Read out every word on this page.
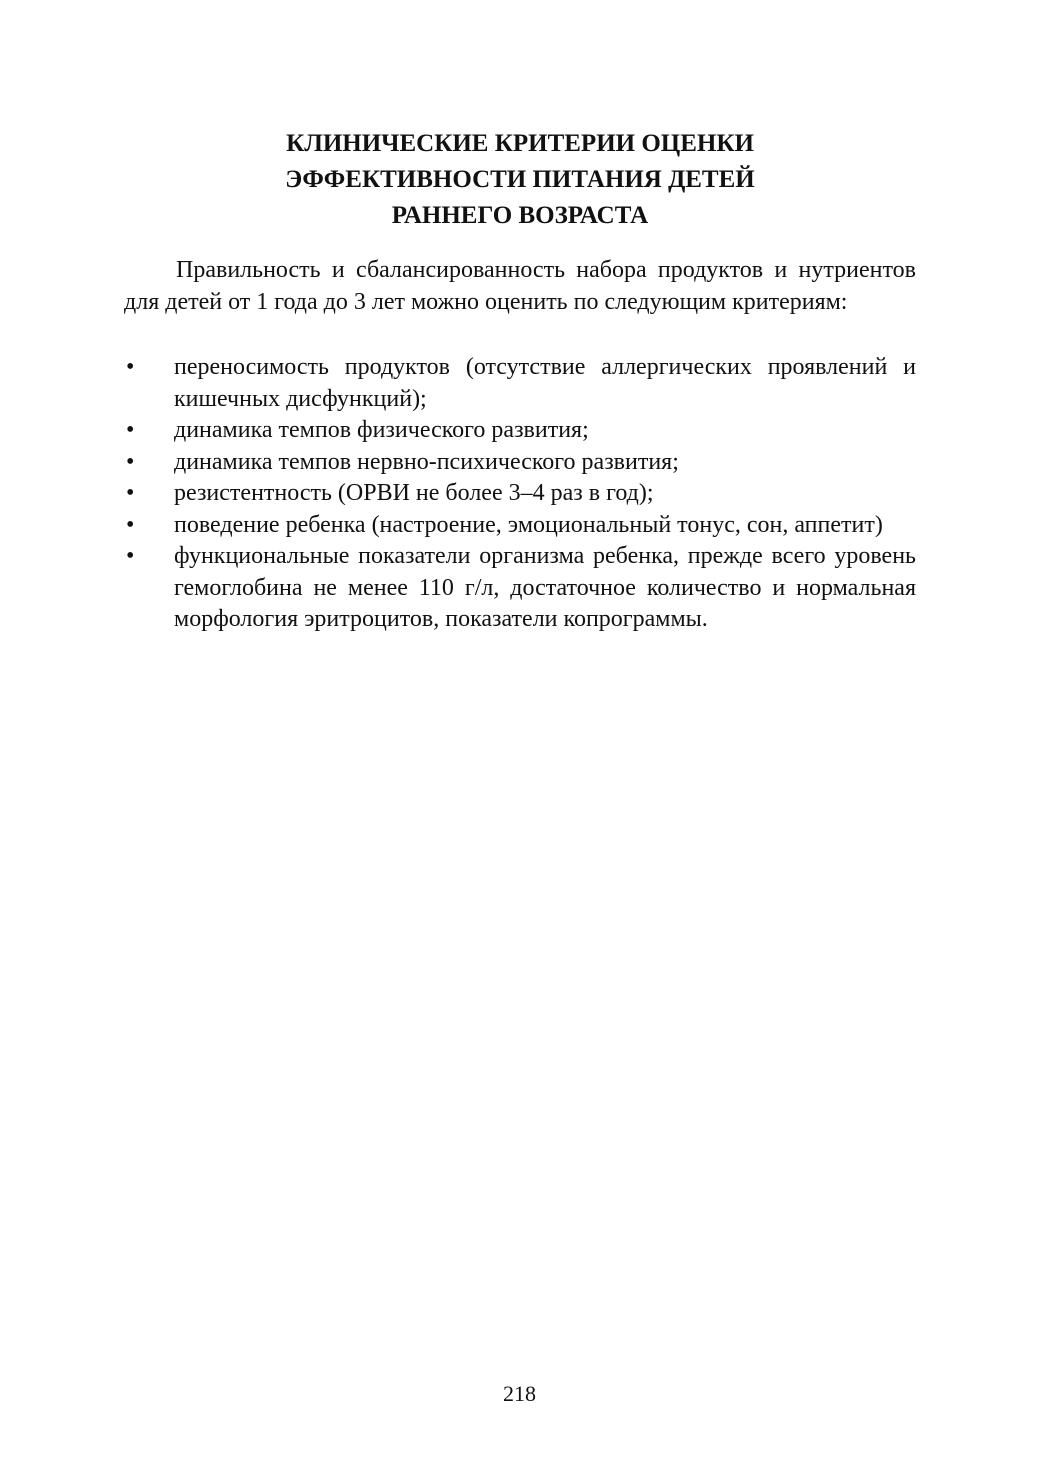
КЛИНИЧЕСКИЕ КРИТЕРИИ ОЦЕНКИ
ЭФФЕКТИВНОСТИ ПИТАНИЯ ДЕТЕЙ
РАННЕГО ВОЗРАСТА

Правильность и сбалансированность набора продуктов и нутриентов для детей от 1 года до 3 лет можно оценить по следующим критериям:

• переносимость продуктов (отсутствие аллергических проявлений и кишечных дисфункций);
• динамика темпов физического развития;
• динамика темпов нервно-психического развития;
• резистентность (ОРВИ не более 3–4 раз в год);
• поведение ребенка (настроение, эмоциональный тонус, сон, аппетит)
• функциональные показатели организма ребенка, прежде всего уровень гемоглобина не менее 110 г/л, достаточное количество и нормальная морфология эритроцитов, показатели копрограммы.
218
